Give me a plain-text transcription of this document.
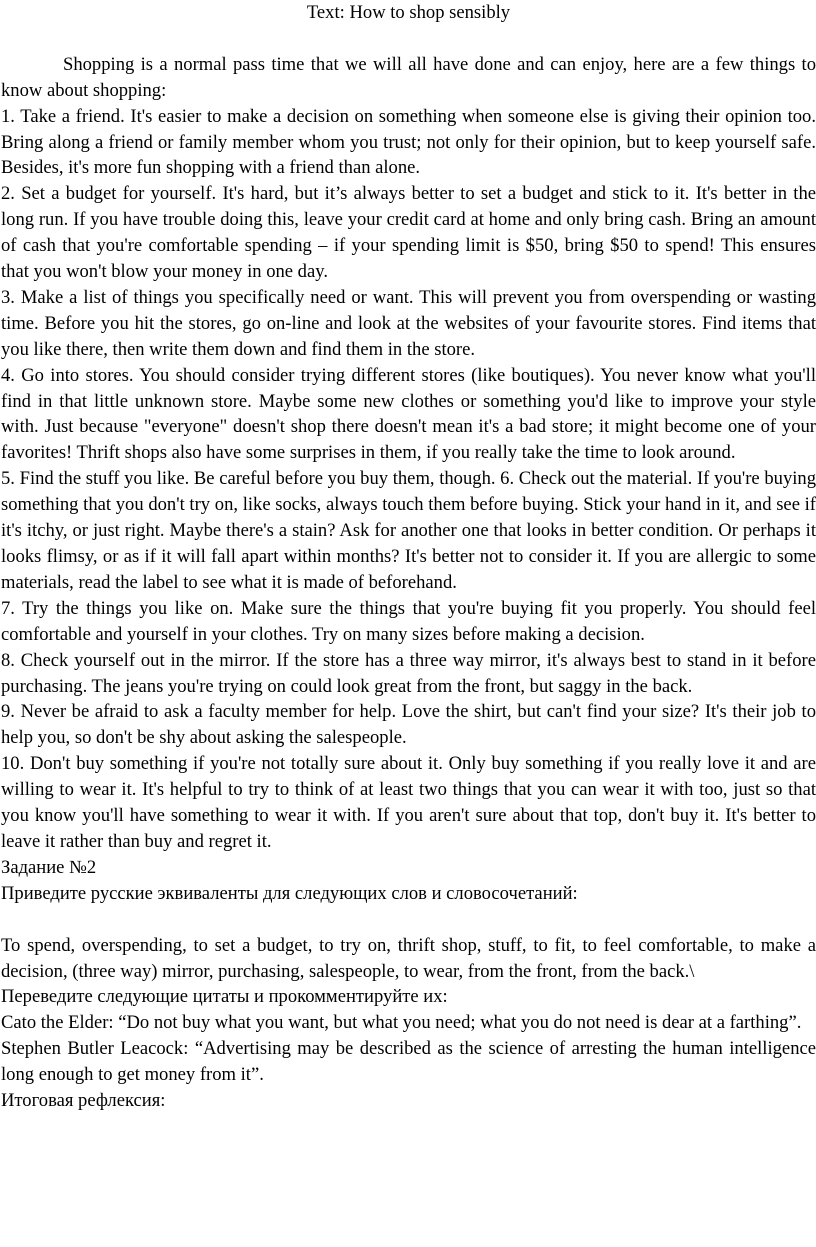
Text: How to shop sensibly

Shopping is a normal pass time that we will all have done and can enjoy, here are a few things to know about shopping:

1. Take a friend. It's easier to make a decision on something when someone else is giving their opinion too. Bring along a friend or family member whom you trust; not only for their opinion, but to keep yourself safe. Besides, it's more fun shopping with a friend than alone.

2. Set a budget for yourself. It's hard, but it’s always better to set a budget and stick to it. It's better in the long run. If you have trouble doing this, leave your credit card at home and only bring cash. Bring an amount of cash that you're comfortable spending – if your spending limit is $50, bring $50 to spend! This ensures that you won't blow your money in one day.

3. Make a list of things you specifically need or want. This will prevent you from overspending or wasting time. Before you hit the stores, go on-line and look at the websites of your favourite stores. Find items that you like there, then write them down and find them in the store.

4. Go into stores. You should consider trying different stores (like boutiques). You never know what you'll find in that little unknown store. Maybe some new clothes or something you'd like to improve your style with. Just because "everyone" doesn't shop there doesn't mean it's a bad store; it might become one of your favorites! Thrift shops also have some surprises in them, if you really take the time to look around.

5. Find the stuff you like. Be careful before you buy them, though. 6. Check out the material. If you're buying something that you don't try on, like socks, always touch them before buying. Stick your hand in it, and see if it's itchy, or just right. Maybe there's a stain? Ask for another one that looks in better condition. Or perhaps it looks flimsy, or as if it will fall apart within months? It's better not to consider it. If you are allergic to some materials, read the label to see what it is made of beforehand.

7. Try the things you like on. Make sure the things that you're buying fit you properly. You should feel comfortable and yourself in your clothes. Try on many sizes before making a decision.

8. Check yourself out in the mirror. If the store has a three way mirror, it's always best to stand in it before purchasing. The jeans you're trying on could look great from the front, but saggy in the back.

9. Never be afraid to ask a faculty member for help. Love the shirt, but can't find your size? It's their job to help you, so don't be shy about asking the salespeople.

10. Don't buy something if you're not totally sure about it. Only buy something if you really love it and are willing to wear it. It's helpful to try to think of at least two things that you can wear it with too, just so that you know you'll have something to wear it with. If you aren't sure about that top, don't buy it. It's better to leave it rather than buy and regret it.

Задание №2

Приведите русские эквиваленты для следующих слов и словосочетаний:

To spend, overspending, to set a budget, to try on, thrift shop, stuff, to fit, to feel comfortable, to make a decision, (three way) mirror, purchasing, salespeople, to wear, from the front, from the back.\

Переведите следующие цитаты и прокомментируйте их:

Cato the Elder: “Do not buy what you want, but what you need; what you do not need is dear at a farthing”.

Stephen Butler Leacock: “Advertising may be described as the science of arresting the human intelligence long enough to get money from it”.

Итоговая рефлексия:
